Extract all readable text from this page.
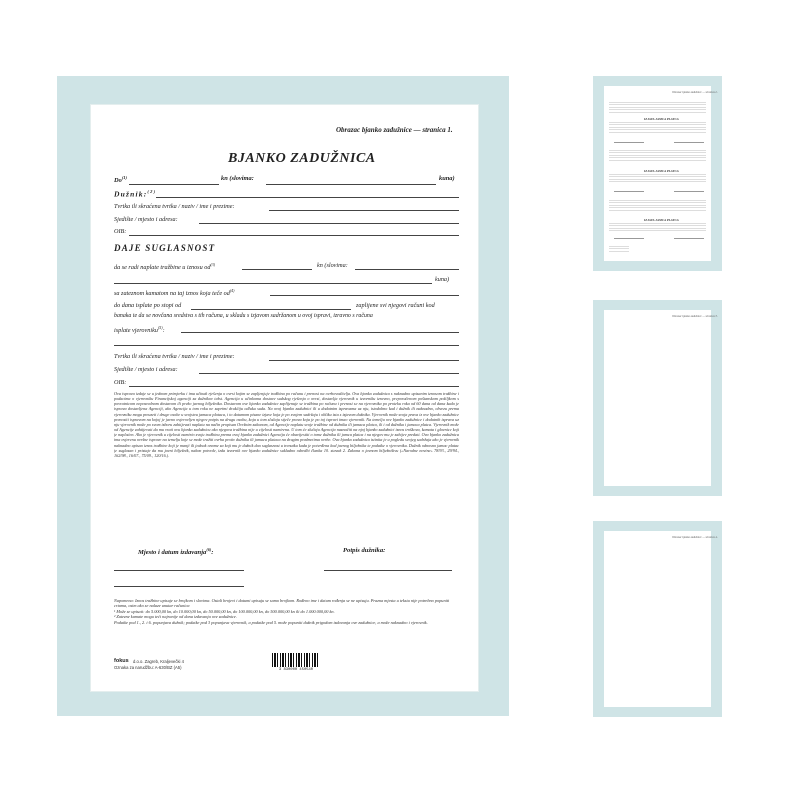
Obrazac bjanko zadužnice — stranica 1.
BJANKO ZADUŽNICA
Do$^{(1)}$	kn (slovima:	kuna)
Dužnik:$^{(2)}$
Tvrtka ili skraćena tvrtka / naziv / ime i prezime:
Sjedište / mjesto i adresa:
OIB:
DAJE SUGLASNOST
da se radi naplate tražbine u iznosu $od^{(3)}$	kn (slovima:
kuna)
sa zateznom kamatom na taj iznos koja teče $od^{(4)}$
do dana isplate po stopi od	zaplijene svi njegovi računi kod
banaka te da se novčana sredstva s tih računa, u skladu s izjavom sadržanom u ovoj ispravi, izravno s računa
isplate vjerovniku$^{(5)}$:
Tvrtka ili skraćena tvrtka / naziv / ime i prezime:
Sjedište / mjesto i adresa:
OIB:
Ova isprava izdaje se u jednom primjerku i ima učinak rješenja o ovrsi kojim se zapljenjuje tražbina po računu i prenosi na ovrhovoditelja. Ova bjanko zadužnica s naknadno upisanim iznosom tražbine i podacima o vjerovniku Financijskoj agenciji za dužnikov tekst. Agencija u učinkoma dostave sudskog rješenja o ovrsi, dostavlja vjerovnik u izvorniku izravno, preporučenom poštanskom pošiljkom s povratnicom neposrednom dostavom ili preko javnog bilježnika. Dostavom ove bjanko zadužnice zaplijenuje se tražbina po računu i prenosi se na vjerovnika po proteku roka od 60 dana od dana kada je isprava dostavljena Agenciji, ako Agencija u tom roku ne zaprimi drukčiju odluku suda. Na ovoj bjanko zadužnici ili u dodatnim ispravama uz nju, istodobno kad i dužnik ili naknadno, obvezu prema vjerovniku mogu preuzeti i druge osobe u svojstvu jamaca plataca, i to datumom pisane izjave koja je po svojem sadržaju i obliku ista s izjavom dužnika. Vjerovnik može svoja prava iz ove bjanko zadužnice prenositi ispravom na kojoj je javno ovjerovljen njegov potpis na drugu osobu, koja u tom slučaju stječe prava koja je po toj ispravi imao vjerovnik. Na temelju ove bjanko zadužnice i dodatnih isprava uz nju vjerovnik može po svom izboru zahtijevati naplatu na način propisan Ovršnim zakonom, od Agencije naplatu svoje tražbine od dužnika ili jamaca platca, ili i od dužnika i jamaca platca. Vjerovnik može od Agencije zahtijevati da mu vrati ovu bjanko zadužnicu ako njegova tražbina nije u cijelosti namirena. U tom će slučaju Agencija naznačiti na njoj bjanko zadužnici iznos troškova, kamata i glavnice koji je naplaćen. Ako je vjerovnik u cijelosti namirio svoju tražbinu prema ovoj bjanko zadužnici Agencija će obavijestiti o tome dužnika ili jamca platca i na njegov mu je zahtjev predati. Ova bjanko zadužnica ima ovjerenu ovršne isprave na temelju koje se može tražiti ovrha protiv dužnika ili jamaca plataca na drugim predmetima ovrhe. Ova bjanko zadužnica istinita je u pogledu svojeg sadržaja ako je vjerovnik naknadno upisao iznos tražbine koji je manji ili jednak onome za koji mu je dužnik dao suglasnost u trenutku kada je potvrđena kod javnog bilježnika te podatke o vjerovniku. Dužnik odnosno jamac platac je suglasan i pristaje da mu javni bilježnik, nakon potvrde, izda izvornik ove bjanko zadužnice sukladno odredbi članka 10. stavak 2. Zakona o javnom bilježništvu («Narodne novine» 78/93., 29/94., 162/98., 16/07., 75/09., 120/16.).
Mjesto i datum izdavanja$^{(6)}$:	Potpis dužnika:
Napomena: Iznos tražbine upisuje se brojkom i slovima. Ostali brojevi i datumi upisuju se samo brojkom. Rođeno ime i datum rođenja se ne upisuju. Prazna mjesta u tekstu nije potrebno popuniti crtama, osim ako se nalaze unutar računica
¹ Može se upisati: do 5.000,00 kn, do 10.000,00 kn, do 50.000,00 kn, do 100.000,00 kn, do 500.000,00 kn ili do 1.000.000,00 kn.
² Zatezne kamate mogu teći najranije od dana izdavanja ove zadužnice.
Podatke pod 1., 2. i 6. popunjava dužnik; podatke pod 3 popunjava vjerovnik, a podatke pod 5. može popuniti dužnik prigodom izdavanja ove zadužnice, a može naknadno i vjerovnik.
fokus d.o.o. Zagreb, Kraljevečki 4
Oznaka za narudžbu: A-630/BZ (A5)	3 830000 450540
Obrazac bjanko zadužnice — stranica 2.
IZJAVA JAMCA PLATCA
IZJAVA JAMCA PLATCA
IZJAVA JAMCA PLATCA
Obrazac bjanko zadužnice — stranica 3.
Obrazac bjanko zadužnice — stranica 4.
